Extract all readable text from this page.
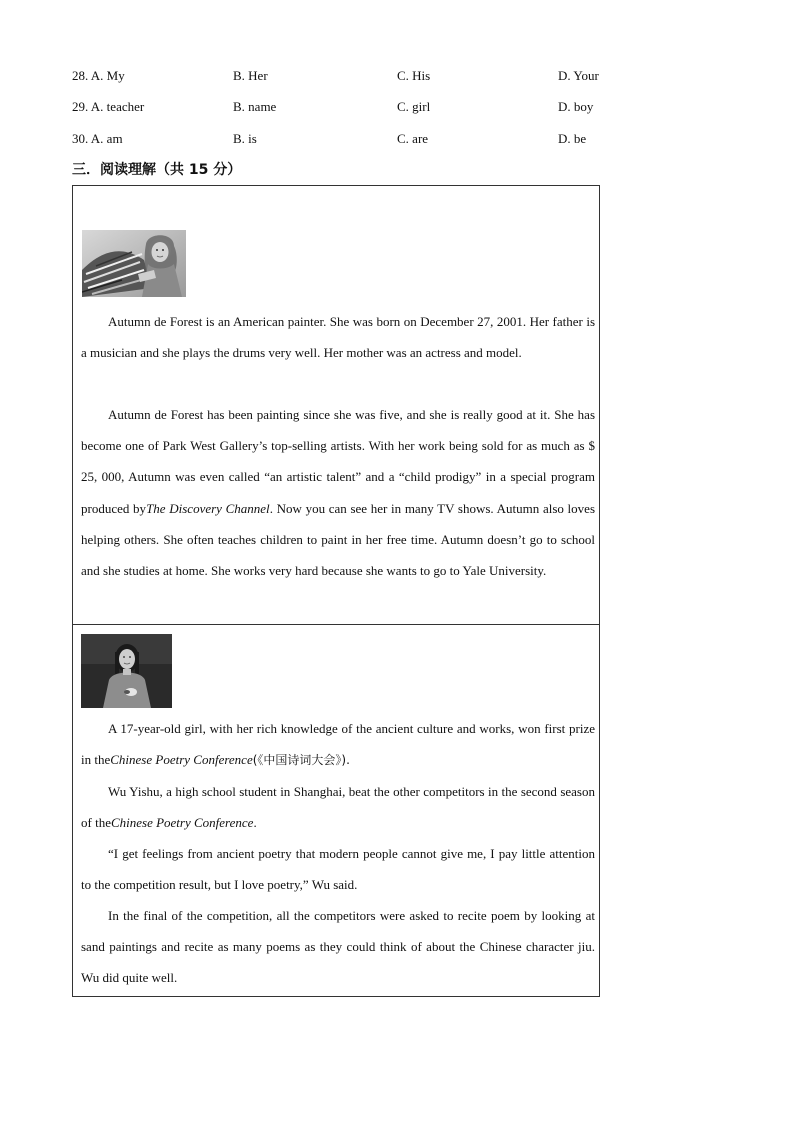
28. A. My	B. Her	C. His	D. Your
29. A. teacher	B. name	C. girl	D. boy
30. A. am	B. is	C. are	D. be
三．阅读理解（共 15 分）
Autumn de Forest is an American painter. She was born on December 27, 2001. Her father is a musician and she plays the drums very well. Her mother was an actress and model.
Autumn de Forest has been painting since she was five, and she is really good at it. She has become one of Park West Gallery’s top-selling artists. With her work being sold for as much as $ 25, 000, Autumn was even called “an artistic talent” and a “child prodigy” in a special program produced byThe Discovery Channel. Now you can see her in many TV shows. Autumn also loves helping others. She often teaches children to paint in her free time. Autumn doesn’t go to school and she studies at home. She works very hard because she wants to go to Yale University.
A 17-year-old girl, with her rich knowledge of the ancient culture and works, won first prize in theChinese Poetry Conference(《中国诗词大会》).
Wu Yishu, a high school student in Shanghai, beat the other competitors in the second season of theChinese Poetry Conference.
“I get feelings from ancient poetry that modern people cannot give me, I pay little attention to the competition result, but I love poetry,” Wu said.
In the final of the competition, all the competitors were asked to recite poem by looking at sand paintings and recite as many poems as they could think of about the Chinese character jiu. Wu did quite well.
